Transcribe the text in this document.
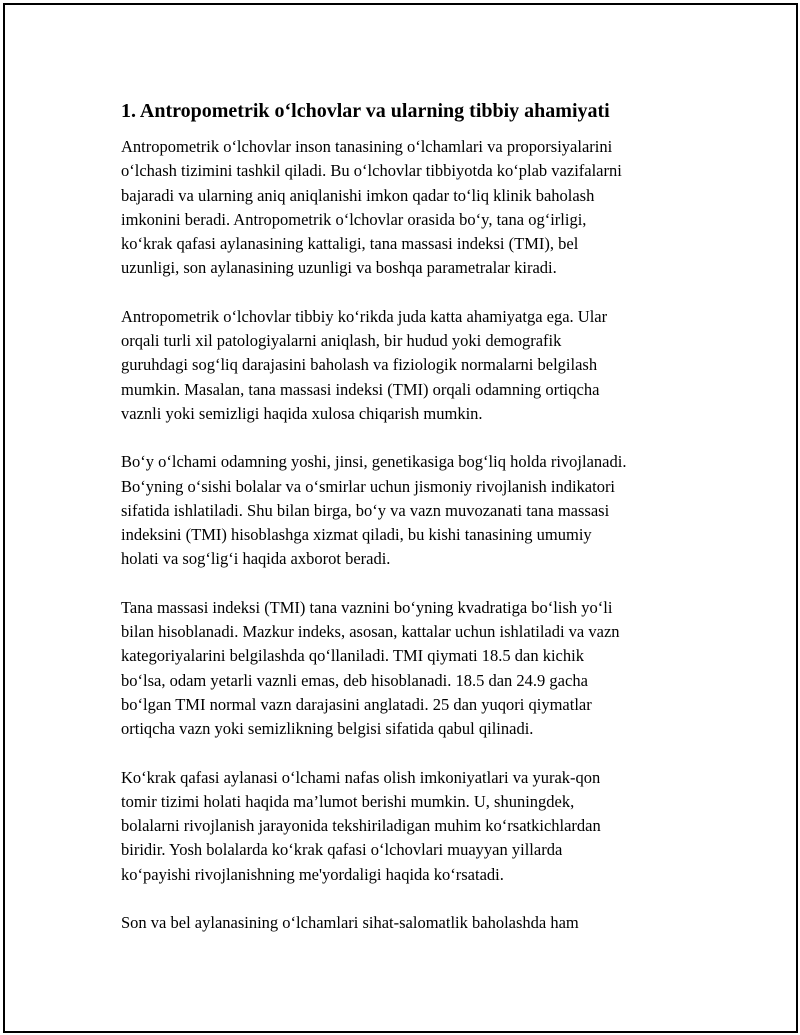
1. Antropometrik o‘lchovlar va ularning tibbiy ahamiyati

Antropometrik o‘lchovlar inson tanasining o‘lchamlari va proporsiyalarini
o‘lchash tizimini tashkil qiladi. Bu o‘lchovlar tibbiyotda ko‘plab vazifalarni
bajaradi va ularning aniq aniqlanishi imkon qadar to‘liq klinik baholash
imkonini beradi. Antropometrik o‘lchovlar orasida bo‘y, tana og‘irligi,
ko‘krak qafasi aylanasining kattaligi, tana massasi indeksi (TMI), bel
uzunligi, son aylanasining uzunligi va boshqa parametralar kiradi.

Antropometrik o‘lchovlar tibbiy ko‘rikda juda katta ahamiyatga ega. Ular
orqali turli xil patologiyalarni aniqlash, bir hudud yoki demografik
guruhdagi sog‘liq darajasini baholash va fiziologik normalarni belgilash
mumkin. Masalan, tana massasi indeksi (TMI) orqali odamning ortiqcha
vaznli yoki semizligi haqida xulosa chiqarish mumkin.

Bo‘y o‘lchami odamning yoshi, jinsi, genetikasiga bog‘liq holda rivojlanadi.
Bo‘yning o‘sishi bolalar va o‘smirlar uchun jismoniy rivojlanish indikatori
sifatida ishlatiladi. Shu bilan birga, bo‘y va vazn muvozanati tana massasi
indeksini (TMI) hisoblashga xizmat qiladi, bu kishi tanasining umumiy
holati va sog‘lig‘i haqida axborot beradi.

Tana massasi indeksi (TMI) tana vaznini bo‘yning kvadratiga bo‘lish yo‘li
bilan hisoblanadi. Mazkur indeks, asosan, kattalar uchun ishlatiladi va vazn
kategoriyalarini belgilashda qo‘llaniladi. TMI qiymati 18.5 dan kichik
bo‘lsa, odam yetarli vaznli emas, deb hisoblanadi. 18.5 dan 24.9 gacha
bo‘lgan TMI normal vazn darajasini anglatadi. 25 dan yuqori qiymatlar
ortiqcha vazn yoki semizlikning belgisi sifatida qabul qilinadi.

Ko‘krak qafasi aylanasi o‘lchami nafas olish imkoniyatlari va yurak-qon
tomir tizimi holati haqida ma’lumot berishi mumkin. U, shuningdek,
bolalarni rivojlanish jarayonida tekshiriladigan muhim ko‘rsatkichlardan
biridir. Yosh bolalarda ko‘krak qafasi o‘lchovlari muayyan yillarda
ko‘payishi rivojlanishning me'yordaligi haqida ko‘rsatadi.

Son va bel aylanasining o‘lchamlari sihat-salomatlik baholashda ham
